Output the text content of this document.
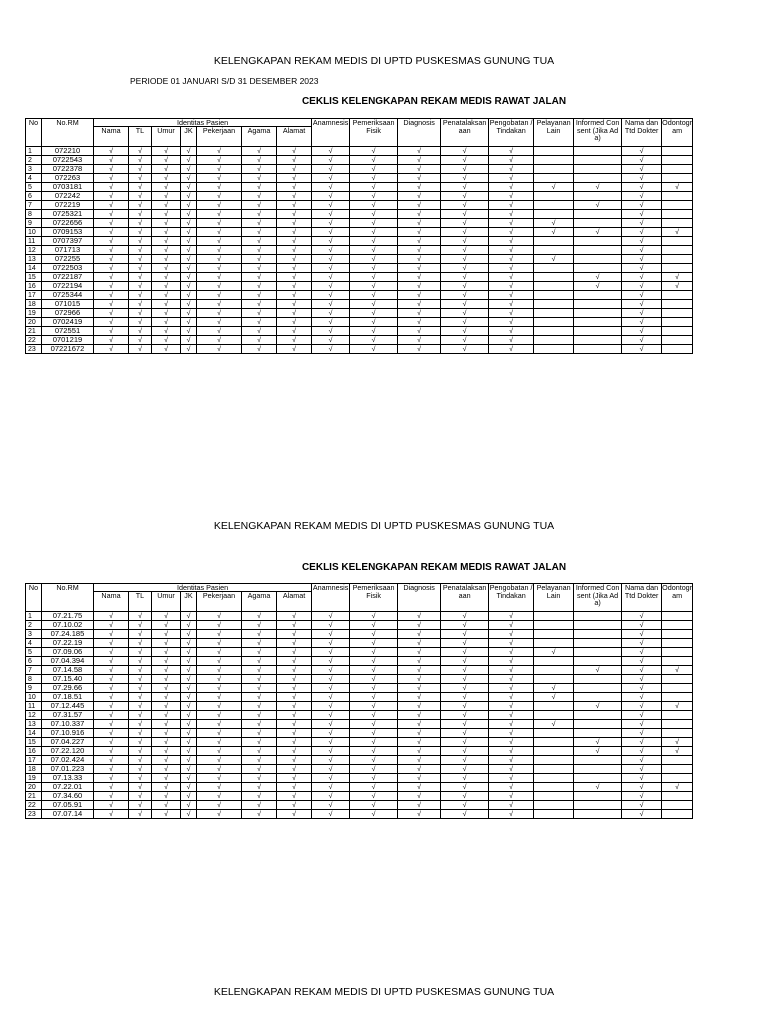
KELENGKAPAN REKAM MEDIS DI UPTD PUSKESMAS GUNUNG TUA
PERIODE 01 JANUARI S/D 31 DESEMBER 2023
CEKLIS KELENGKAPAN REKAM MEDIS RAWAT JALAN
No	No.RM	Identitas Pasien							Anamnesis	Pemeriksaan Fisik	Diagnosis	Penatalaksanaan	Pengobatan / Tindakan	Pelayanan Lain	Informed Consent (Jika Ada)	Nama dan Ttd Dokter	Odontogram
		Nama	TL	Umur	JK	Pekerjaan	Agama	Alamat									
1	072210	√	√	√	√	√	√	√	√	√	√	√	√			√	
2	0722543	√	√	√	√	√	√	√	√	√	√	√	√			√	
3	0722378	√	√	√	√	√	√	√	√	√	√	√	√			√	
4	072263	√	√	√	√	√	√	√	√	√	√	√	√			√	
5	0703181	√	√	√	√	√	√	√	√	√	√	√	√	√	√	√	√
6	072242	√	√	√	√	√	√	√	√	√	√	√	√			√	
7	072219	√	√	√	√	√	√	√	√	√	√	√	√		√	√	
8	0725321	√	√	√	√	√	√	√	√	√	√	√	√			√	
9	0722656	√	√	√	√	√	√	√	√	√	√	√	√	√		√	
10	0709153	√	√	√	√	√	√	√	√	√	√	√	√	√	√	√	√
11	0707397	√	√	√	√	√	√	√	√	√	√	√	√			√	
12	071713	√	√	√	√	√	√	√	√	√	√	√	√			√	
13	072255	√	√	√	√	√	√	√	√	√	√	√	√	√		√	
14	0722503	√	√	√	√	√	√	√	√	√	√	√	√			√	
15	0722187	√	√	√	√	√	√	√	√	√	√	√	√		√	√	√
16	0722194	√	√	√	√	√	√	√	√	√	√	√	√		√	√	√
17	0725344	√	√	√	√	√	√	√	√	√	√	√	√			√	
18	071015	√	√	√	√	√	√	√	√	√	√	√	√			√	
19	072966	√	√	√	√	√	√	√	√	√	√	√	√			√	
20	0702419	√	√	√	√	√	√	√	√	√	√	√	√			√	
21	072551	√	√	√	√	√	√	√	√	√	√	√	√			√	
22	0701219	√	√	√	√	√	√	√	√	√	√	√	√			√	
23	07221672	√	√	√	√	√	√	√	√	√	√	√	√			√	
KELENGKAPAN REKAM MEDIS DI UPTD PUSKESMAS GUNUNG TUA
CEKLIS KELENGKAPAN REKAM MEDIS RAWAT JALAN
No	No.RM	Identitas Pasien							Anamnesis	Pemeriksaan Fisik	Diagnosis	Penatalaksanaan	Pengobatan / Tindakan	Pelayanan Lain	Informed Consent (Jika Ada)	Nama dan Ttd Dokter	Odontogram
		Nama	TL	Umur	JK	Pekerjaan	Agama	Alamat									
1	07.21.75	√	√	√	√	√	√	√	√	√	√	√	√			√	
2	07.10.02	√	√	√	√	√	√	√	√	√	√	√	√			√	
3	07.24.185	√	√	√	√	√	√	√	√	√	√	√	√			√	
4	07.22.19	√	√	√	√	√	√	√	√	√	√	√	√			√	
5	07.09.06	√	√	√	√	√	√	√	√	√	√	√	√	√		√	
6	07.04.394	√	√	√	√	√	√	√	√	√	√	√	√			√	
7	07.14.58	√	√	√	√	√	√	√	√	√	√	√	√		√	√	√
8	07.15.40	√	√	√	√	√	√	√	√	√	√	√	√			√	
9	07.29.66	√	√	√	√	√	√	√	√	√	√	√	√	√		√	
10	07.18.51	√	√	√	√	√	√	√	√	√	√	√	√	√		√	
11	07.12.445	√	√	√	√	√	√	√	√	√	√	√	√		√	√	√
12	07.31.57	√	√	√	√	√	√	√	√	√	√	√	√			√	
13	07.10.337	√	√	√	√	√	√	√	√	√	√	√	√	√		√	
14	07.10.916	√	√	√	√	√	√	√	√	√	√	√	√			√	
15	07.04.227	√	√	√	√	√	√	√	√	√	√	√	√		√	√	√
16	07.22.120	√	√	√	√	√	√	√	√	√	√	√	√		√	√	√
17	07.02.424	√	√	√	√	√	√	√	√	√	√	√	√			√	
18	07.01.223	√	√	√	√	√	√	√	√	√	√	√	√			√	
19	07.13.33	√	√	√	√	√	√	√	√	√	√	√	√			√	
20	07.22.01	√	√	√	√	√	√	√	√	√	√	√	√		√	√	√
21	07.34.60	√	√	√	√	√	√	√	√	√	√	√	√			√	
22	07.05.91	√	√	√	√	√	√	√	√	√	√	√	√			√	
23	07.07.14	√	√	√	√	√	√	√	√	√	√	√	√			√	
KELENGKAPAN REKAM MEDIS DI UPTD PUSKESMAS GUNUNG TUA
